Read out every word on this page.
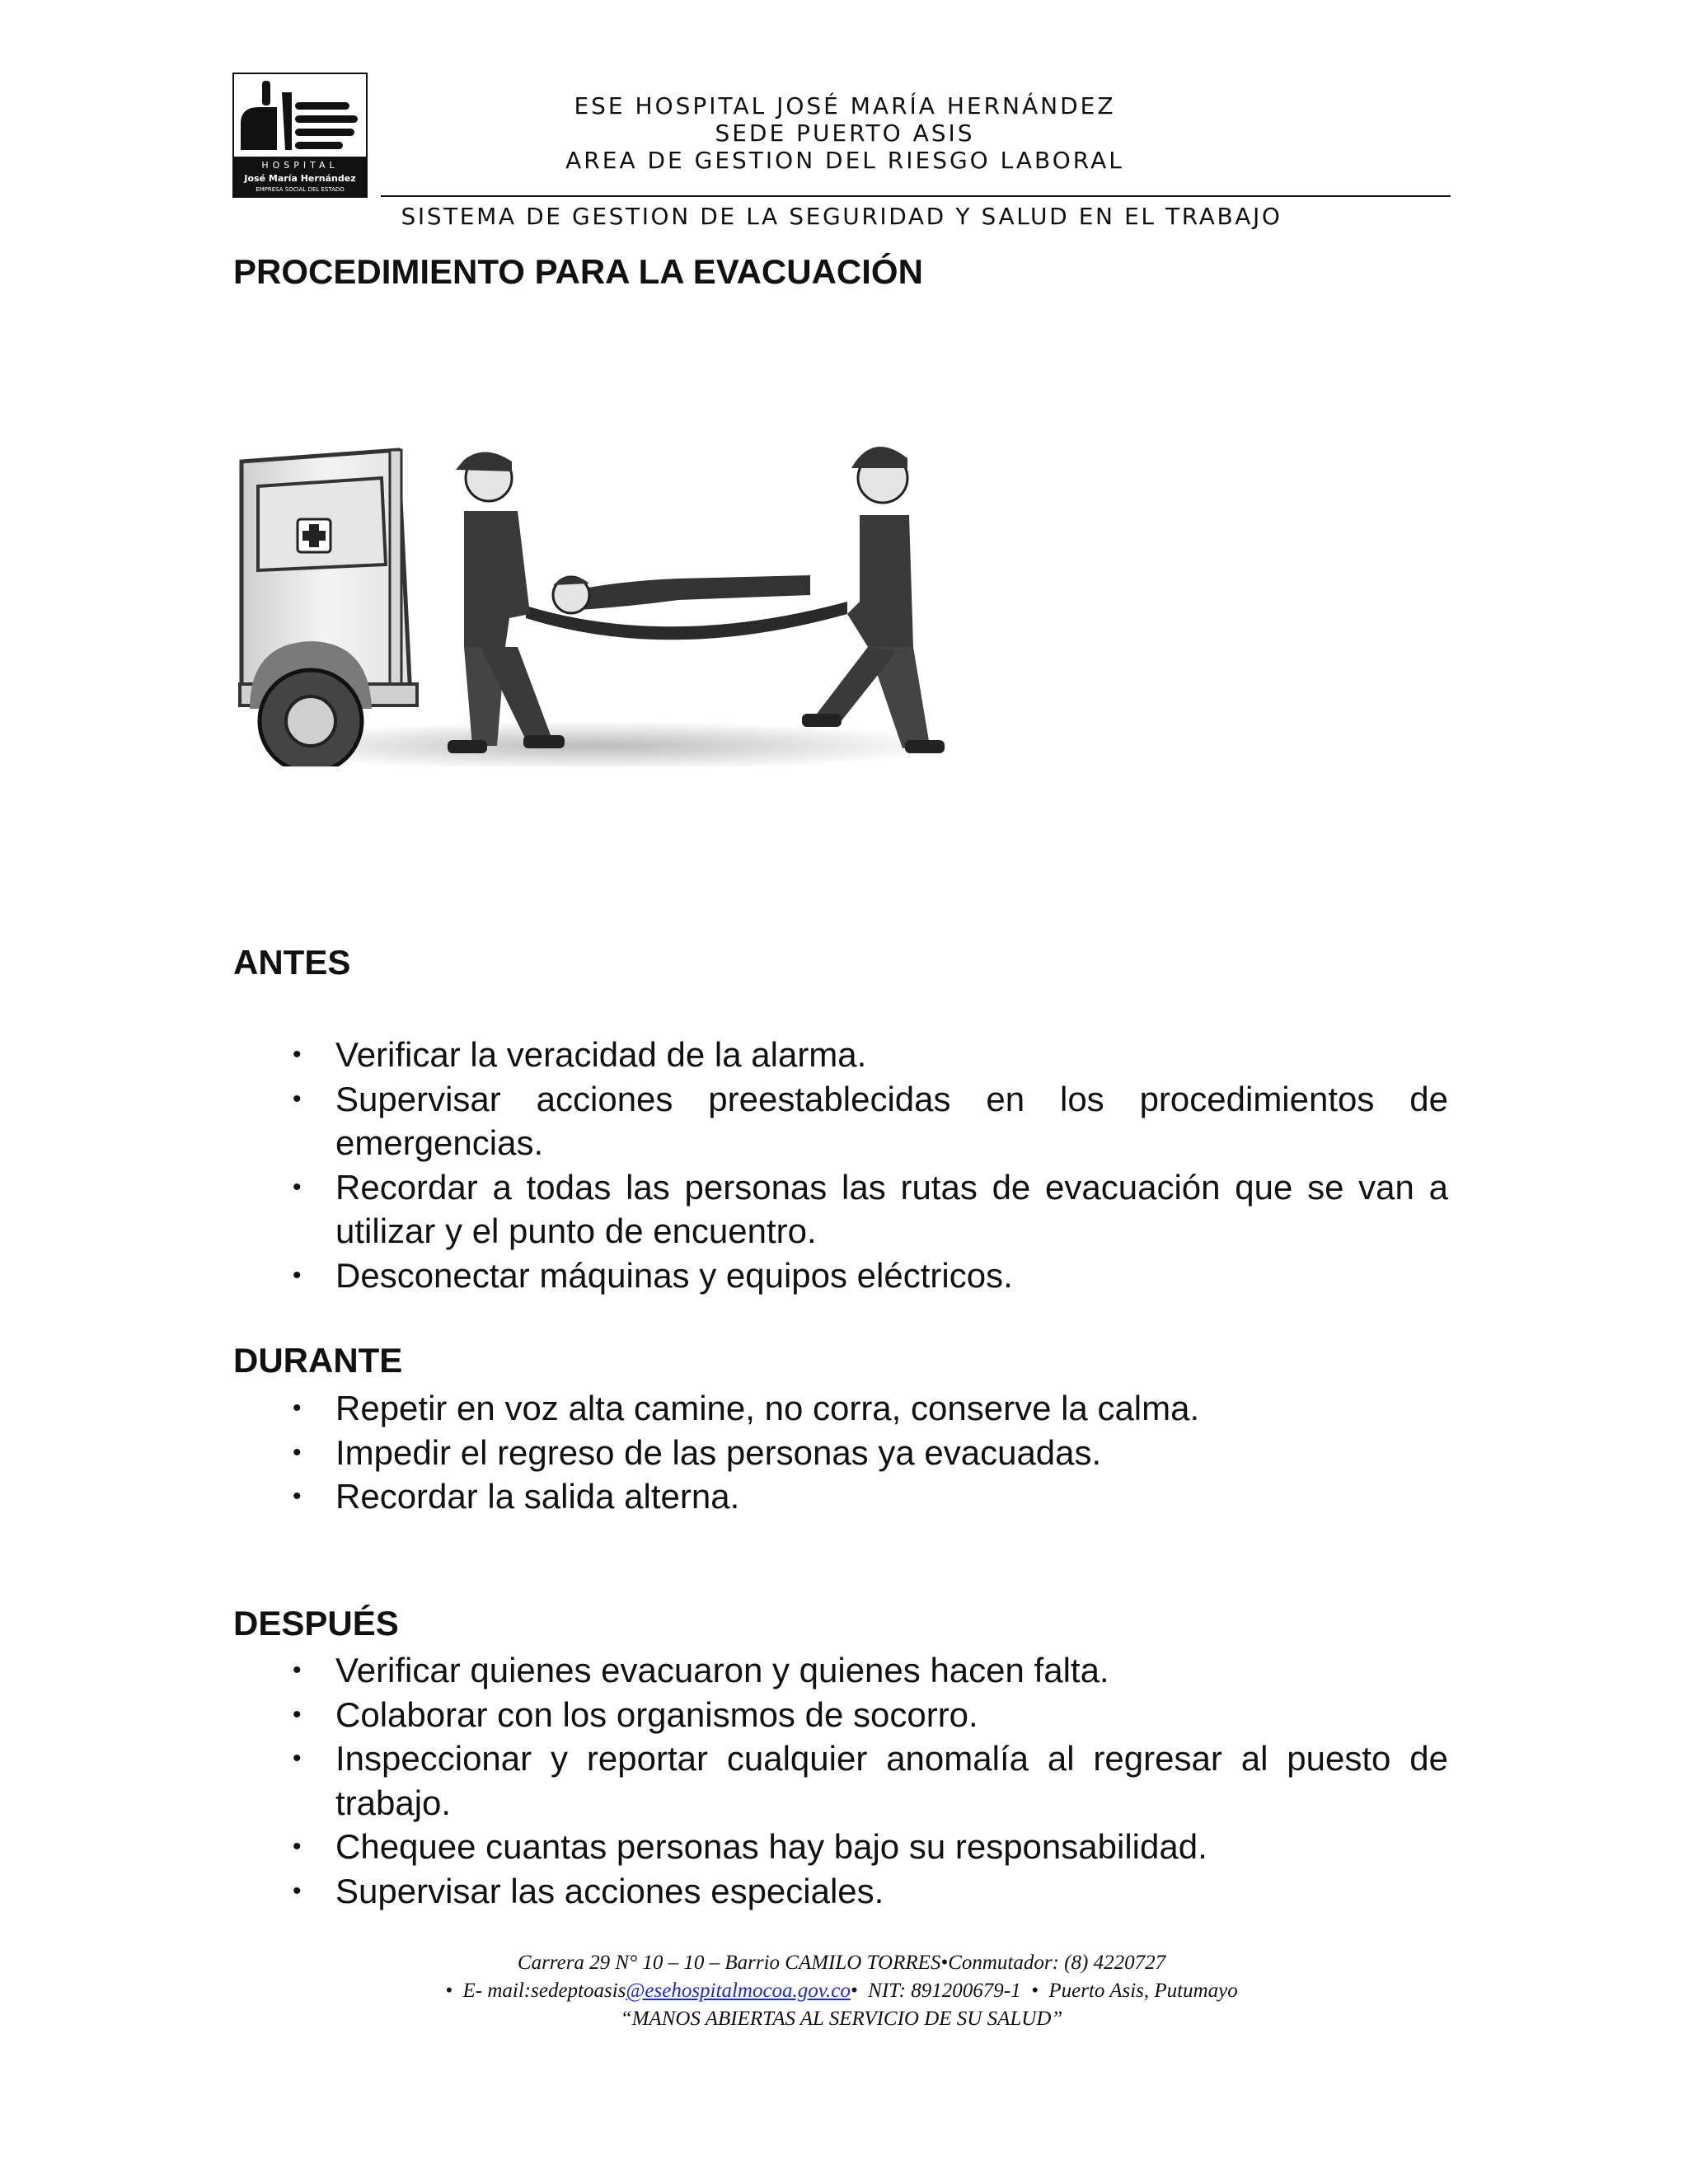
HOSPITAL
José María Hernández
EMPRESA SOCIAL DEL ESTADO
ESE HOSPITAL JOSÉ MARÍA HERNÁNDEZ
SEDE PUERTO ASIS
AREA DE GESTION DEL RIESGO LABORAL
SISTEMA DE GESTION DE LA SEGURIDAD Y SALUD EN EL TRABAJO
PROCEDIMIENTO PARA LA EVACUACIÓN
ANTES
• Verificar la veracidad de la alarma.
• Supervisar acciones preestablecidas en los procedimientos de emergencias.
• Recordar a todas las personas las rutas de evacuación que se van a utilizar y el punto de encuentro.
• Desconectar máquinas y equipos eléctricos.
DURANTE
• Repetir en voz alta camine, no corra, conserve la calma.
• Impedir el regreso de las personas ya evacuadas.
• Recordar la salida alterna.
DESPUÉS
• Verificar quienes evacuaron y quienes hacen falta.
• Colaborar con los organismos de socorro.
• Inspeccionar y reportar cualquier anomalía al regresar al puesto de trabajo.
• Chequee cuantas personas hay bajo su responsabilidad.
• Supervisar las acciones especiales.
Carrera 29 N° 10 – 10 – Barrio CAMILO TORRES•Conmutador: (8) 4220727
• E- mail:sedeptoasis@esehospitalmocoa.gov.co• NIT: 891200679-1 • Puerto Asis, Putumayo
“MANOS ABIERTAS AL SERVICIO DE SU SALUD”
